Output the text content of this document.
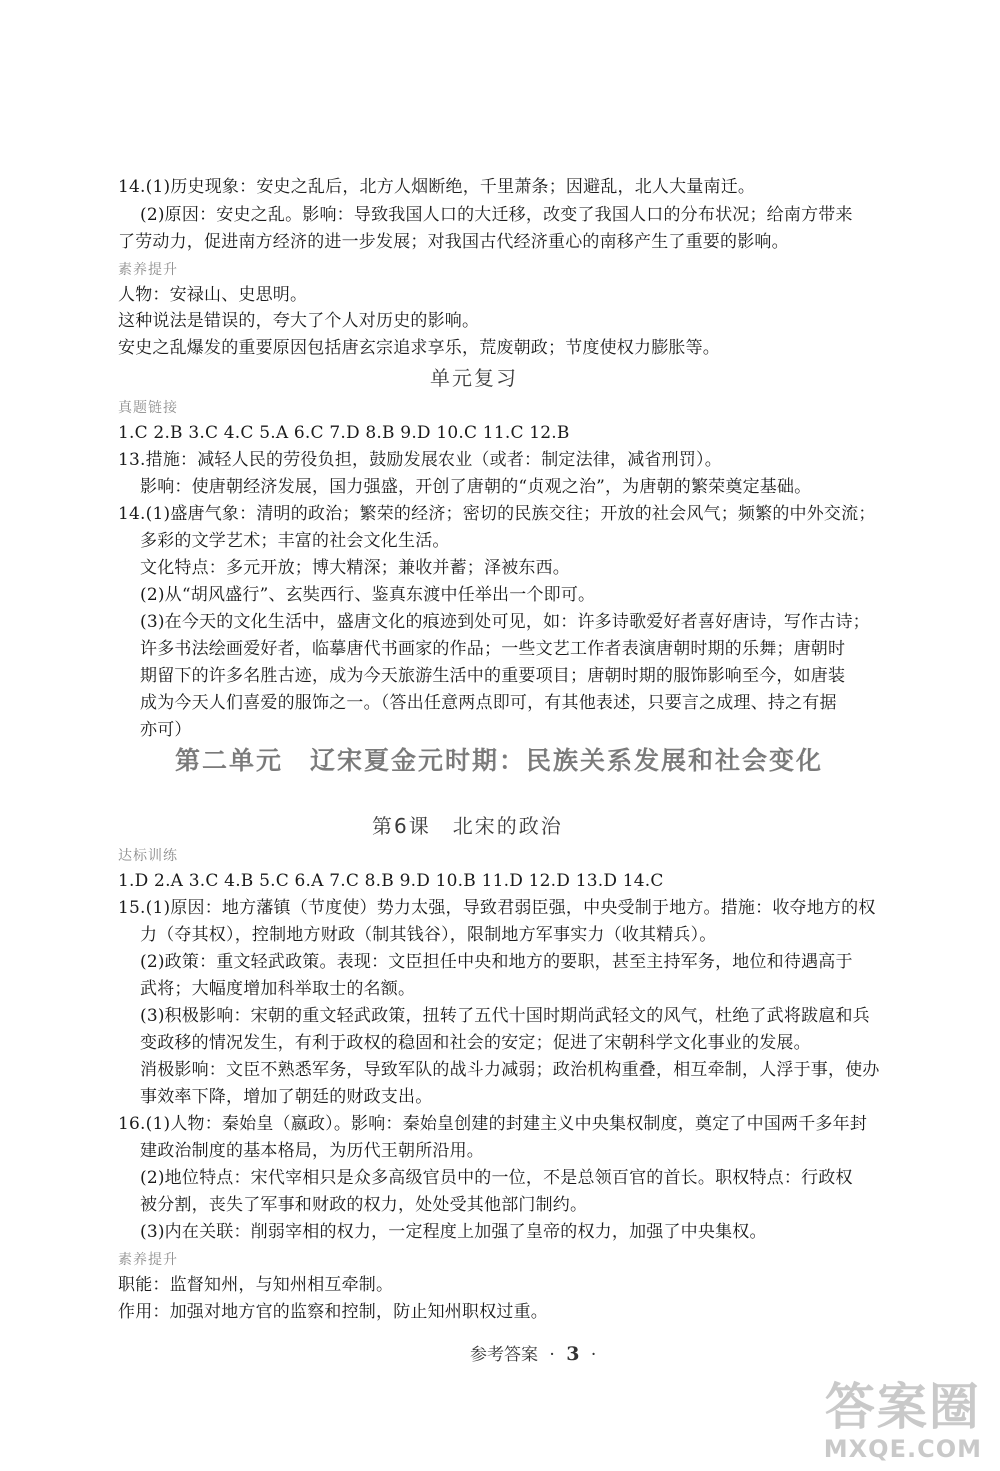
14.(1)历史现象：安史之乱后，北方人烟断绝，千里萧条；因避乱，北人大量南迁。
(2)原因：安史之乱。影响：导致我国人口的大迁移，改变了我国人口的分布状况；给南方带来
了劳动力，促进南方经济的进一步发展；对我国古代经济重心的南移产生了重要的影响。
素养提升
人物：安禄山、史思明。
这种说法是错误的，夸大了个人对历史的影响。
安史之乱爆发的重要原因包括唐玄宗追求享乐，荒废朝政；节度使权力膨胀等。
单元复习
真题链接
1.C 2.B 3.C 4.C 5.A 6.C 7.D 8.B 9.D 10.C 11.C 12.B
13.措施：减轻人民的劳役负担，鼓励发展农业（或者：制定法律，减省刑罚）。
影响：使唐朝经济发展，国力强盛，开创了唐朝的“贞观之治”，为唐朝的繁荣奠定基础。
14.(1)盛唐气象：清明的政治；繁荣的经济；密切的民族交往；开放的社会风气；频繁的中外交流；
多彩的文学艺术；丰富的社会文化生活。
文化特点：多元开放；博大精深；兼收并蓄；泽被东西。
(2)从“胡风盛行”、玄奘西行、鉴真东渡中任举出一个即可。
(3)在今天的文化生活中，盛唐文化的痕迹到处可见，如：许多诗歌爱好者喜好唐诗，写作古诗；
许多书法绘画爱好者，临摹唐代书画家的作品；一些文艺工作者表演唐朝时期的乐舞；唐朝时
期留下的许多名胜古迹，成为今天旅游生活中的重要项目；唐朝时期的服饰影响至今，如唐装
成为今天人们喜爱的服饰之一。（答出任意两点即可，有其他表述，只要言之成理、持之有据
亦可）
第二单元　辽宋夏金元时期：民族关系发展和社会变化
第6课　北宋的政治
达标训练
1.D 2.A 3.C 4.B 5.C 6.A 7.C 8.B 9.D 10.B 11.D 12.D 13.D 14.C
15.(1)原因：地方藩镇（节度使）势力太强，导致君弱臣强，中央受制于地方。措施：收夺地方的权
力（夺其权），控制地方财政（制其钱谷），限制地方军事实力（收其精兵）。
(2)政策：重文轻武政策。表现：文臣担任中央和地方的要职，甚至主持军务，地位和待遇高于
武将；大幅度增加科举取士的名额。
(3)积极影响：宋朝的重文轻武政策，扭转了五代十国时期尚武轻文的风气，杜绝了武将跋扈和兵
变政移的情况发生，有利于政权的稳固和社会的安定；促进了宋朝科学文化事业的发展。
消极影响：文臣不熟悉军务，导致军队的战斗力减弱；政治机构重叠，相互牵制，人浮于事，使办
事效率下降，增加了朝廷的财政支出。
16.(1)人物：秦始皇（嬴政）。影响：秦始皇创建的封建主义中央集权制度，奠定了中国两千多年封
建政治制度的基本格局，为历代王朝所沿用。
(2)地位特点：宋代宰相只是众多高级官员中的一位，不是总领百官的首长。职权特点：行政权
被分割，丧失了军事和财政的权力，处处受其他部门制约。
(3)内在关联：削弱宰相的权力，一定程度上加强了皇帝的权力，加强了中央集权。
素养提升
职能：监督知州，与知州相互牵制。
作用：加强对地方官的监察和控制，防止知州职权过重。
参考答案 · 3 ·
答案圈
MXQE.COM
